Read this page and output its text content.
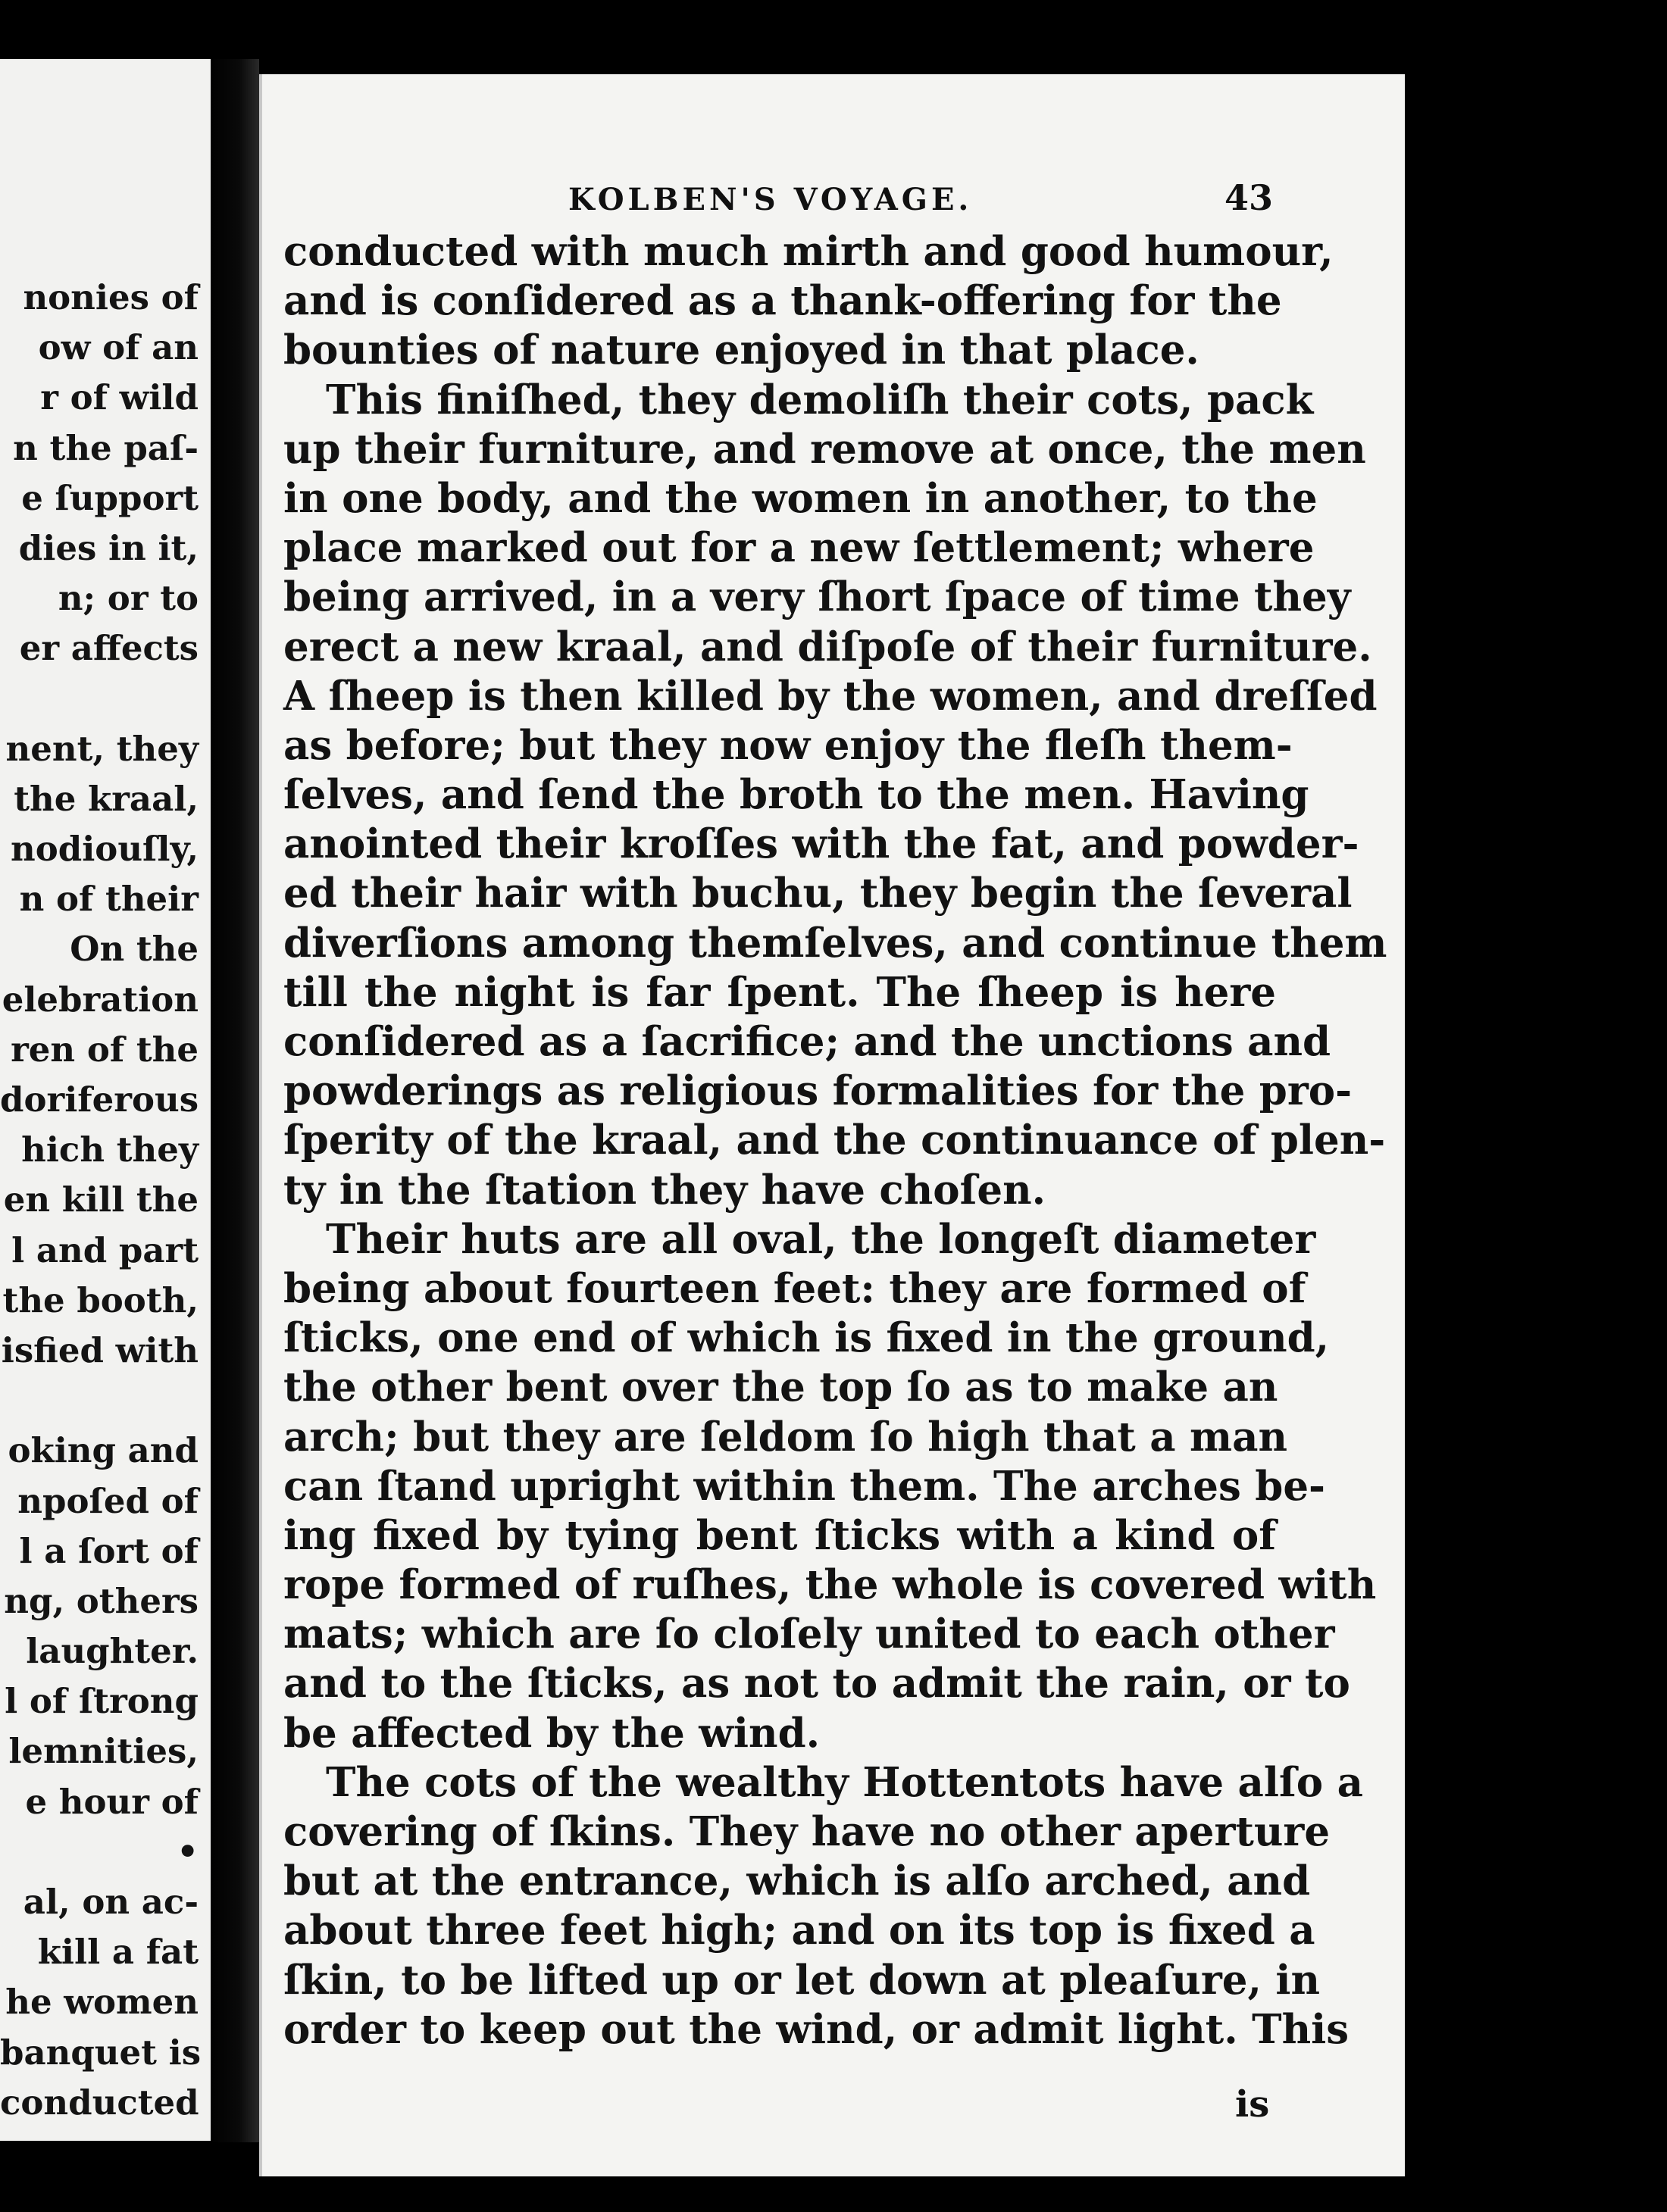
nonies of
ow of an
r of wild
n the paſ-
e ſupport
dies in it,
n; or to
er affects
nent, they
the kraal,
nodiouſly,
n of their
On the
elebration
ren of the
doriferous
hich they
en kill the
l and part
the booth,
isfied with
oking and
npoſed of
l a ſort of
ng, others
laughter.
l of ſtrong
lemnities,
e hour of
•
al, on ac-
kill a fat
he women
banquet is
conducted
KOLBEN'S VOYAGE.	43
conducted with much mirth and good humour,
and is conſidered as a thank-offering for the
bounties of nature enjoyed in that place.
This finiſhed, they demoliſh their cots, pack
up their furniture, and remove at once, the men
in one body, and the women in another, to the
place marked out for a new ſettlement; where
being arrived, in a very ſhort ſpace of time they
erect a new kraal, and diſpoſe of their furniture.
A ſheep is then killed by the women, and dreſſed
as before; but they now enjoy the fleſh them-
ſelves, and ſend the broth to the men. Having
anointed their kroſſes with the fat, and powder-
ed their hair with buchu, they begin the ſeveral
diverſions among themſelves, and continue them
till the night is far ſpent. The ſheep is here
conſidered as a ſacrifice; and the unctions and
powderings as religious formalities for the pro-
ſperity of the kraal, and the continuance of plen-
ty in the ſtation they have choſen.
Their huts are all oval, the longeſt diameter
being about fourteen feet: they are formed of
ſticks, one end of which is fixed in the ground,
the other bent over the top ſo as to make an
arch; but they are ſeldom ſo high that a man
can ſtand upright within them. The arches be-
ing fixed by tying bent ſticks with a kind of
rope formed of ruſhes, the whole is covered with
mats; which are ſo cloſely united to each other
and to the ſticks, as not to admit the rain, or to
be affected by the wind.
The cots of the wealthy Hottentots have alſo a
covering of ſkins. They have no other aperture
but at the entrance, which is alſo arched, and
about three feet high; and on its top is fixed a
ſkin, to be lifted up or let down at pleaſure, in
order to keep out the wind, or admit light. This
is
